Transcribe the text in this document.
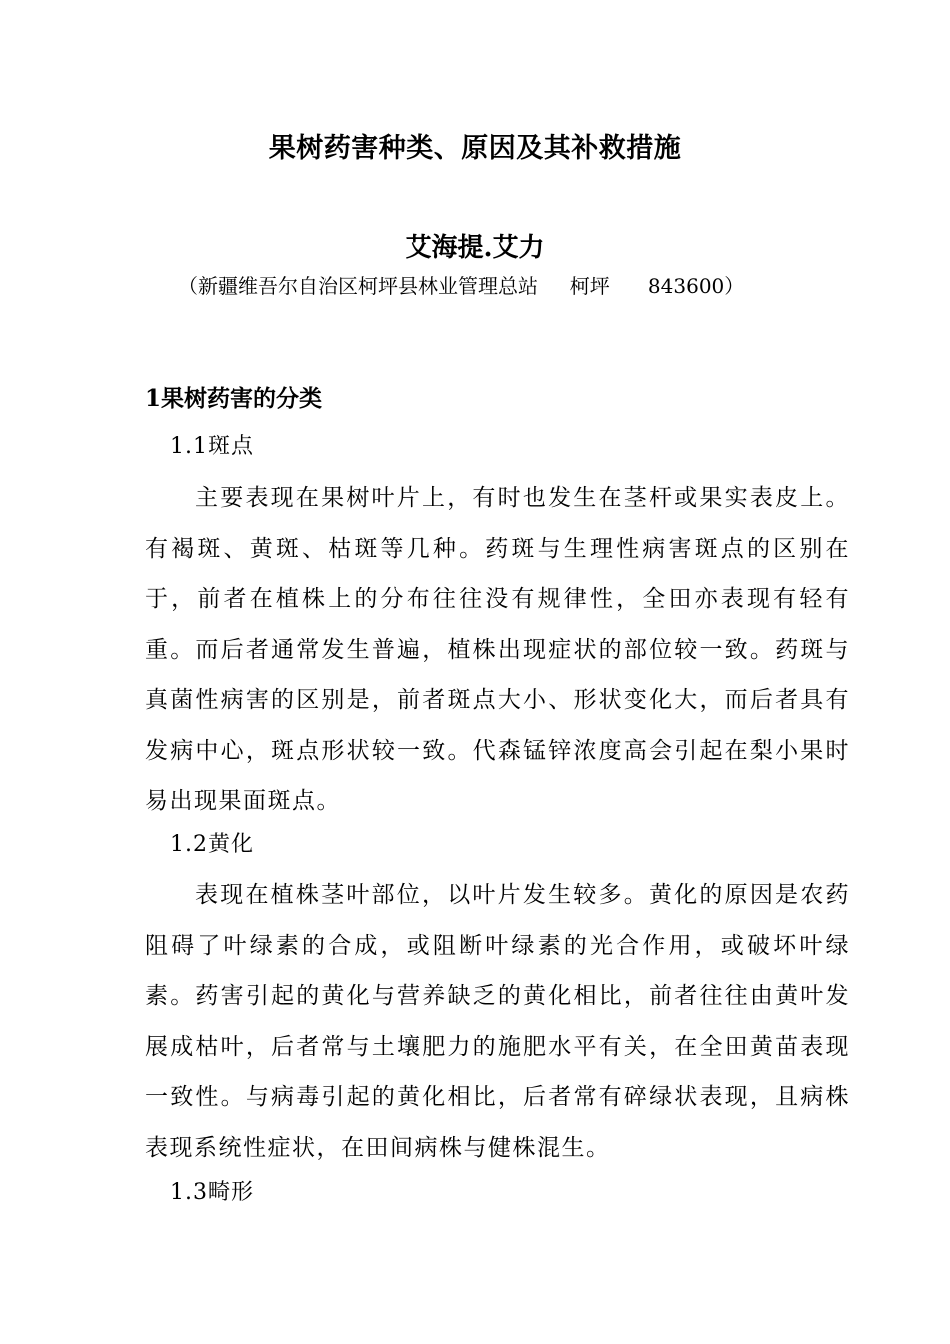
果树药害种类、原因及其补救措施
艾海提.艾力
（新疆维吾尔自治区柯坪县林业管理总站     柯坪      843600）
1果树药害的分类
1.1斑点
主要表现在果树叶片上，有时也发生在茎杆或果实表皮上。有褐斑、黄斑、枯斑等几种。药斑与生理性病害斑点的区别在于，前者在植株上的分布往往没有规律性，全田亦表现有轻有重。而后者通常发生普遍，植株出现症状的部位较一致。药斑与真菌性病害的区别是，前者斑点大小、形状变化大，而后者具有发病中心，斑点形状较一致。代森锰锌浓度高会引起在梨小果时易出现果面斑点。
1.2黄化
表现在植株茎叶部位，以叶片发生较多。黄化的原因是农药阻碍了叶绿素的合成，或阻断叶绿素的光合作用，或破坏叶绿素。药害引起的黄化与营养缺乏的黄化相比，前者往往由黄叶发展成枯叶，后者常与土壤肥力的施肥水平有关，在全田黄苗表现一致性。与病毒引起的黄化相比，后者常有碎绿状表现，且病株表现系统性症状，在田间病株与健株混生。
1.3畸形
